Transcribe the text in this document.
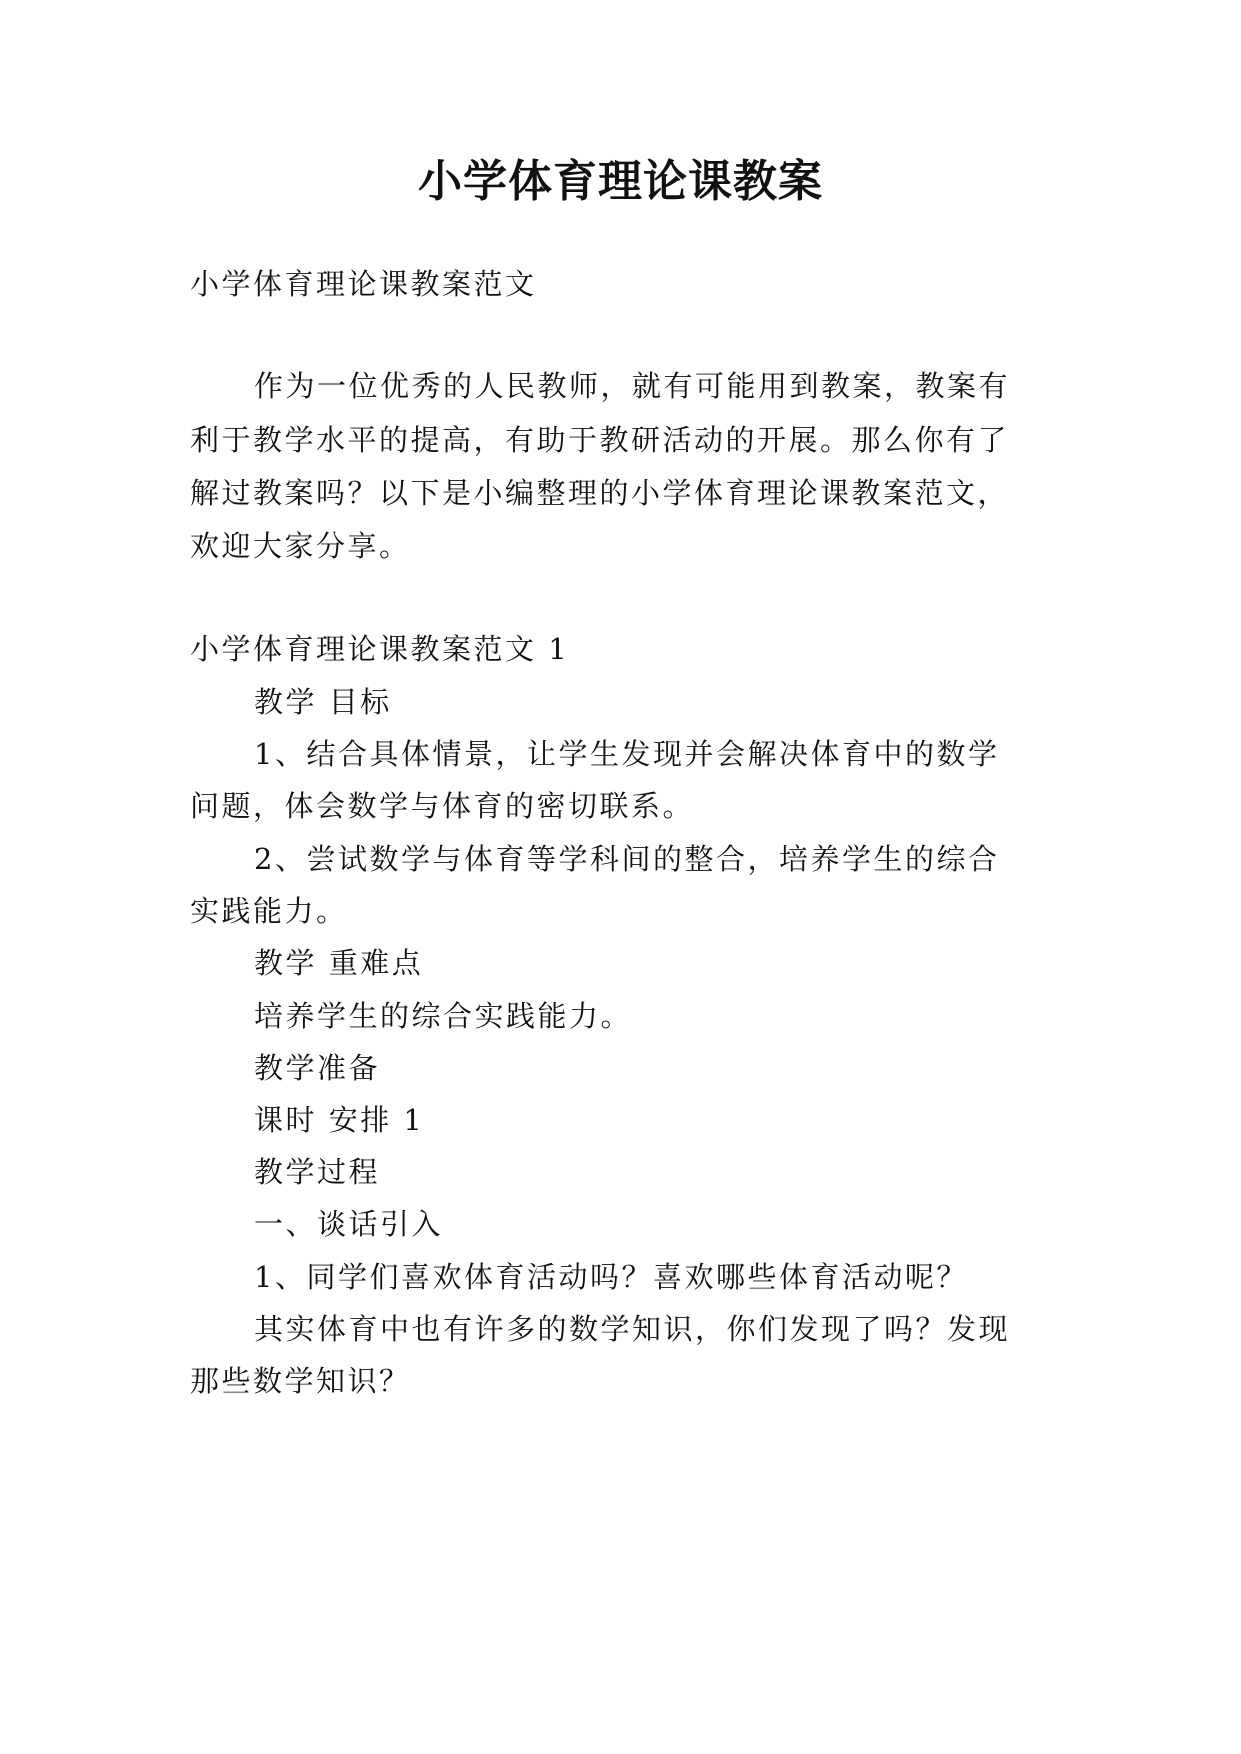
小学体育理论课教案
小学体育理论课教案范文
作为一位优秀的人民教师，就有可能用到教案，教案有
利于教学水平的提高，有助于教研活动的开展。那么你有了
解过教案吗？以下是小编整理的小学体育理论课教案范文，
欢迎大家分享。
小学体育理论课教案范文 1
教学 目标
1、结合具体情景，让学生发现并会解决体育中的数学
问题，体会数学与体育的密切联系。
2、尝试数学与体育等学科间的整合，培养学生的综合
实践能力。
教学 重难点
培养学生的综合实践能力。
教学准备
课时 安排 1
教学过程
一、谈话引入
1、同学们喜欢体育活动吗？喜欢哪些体育活动呢？
其实体育中也有许多的数学知识，你们发现了吗？发现
那些数学知识？
